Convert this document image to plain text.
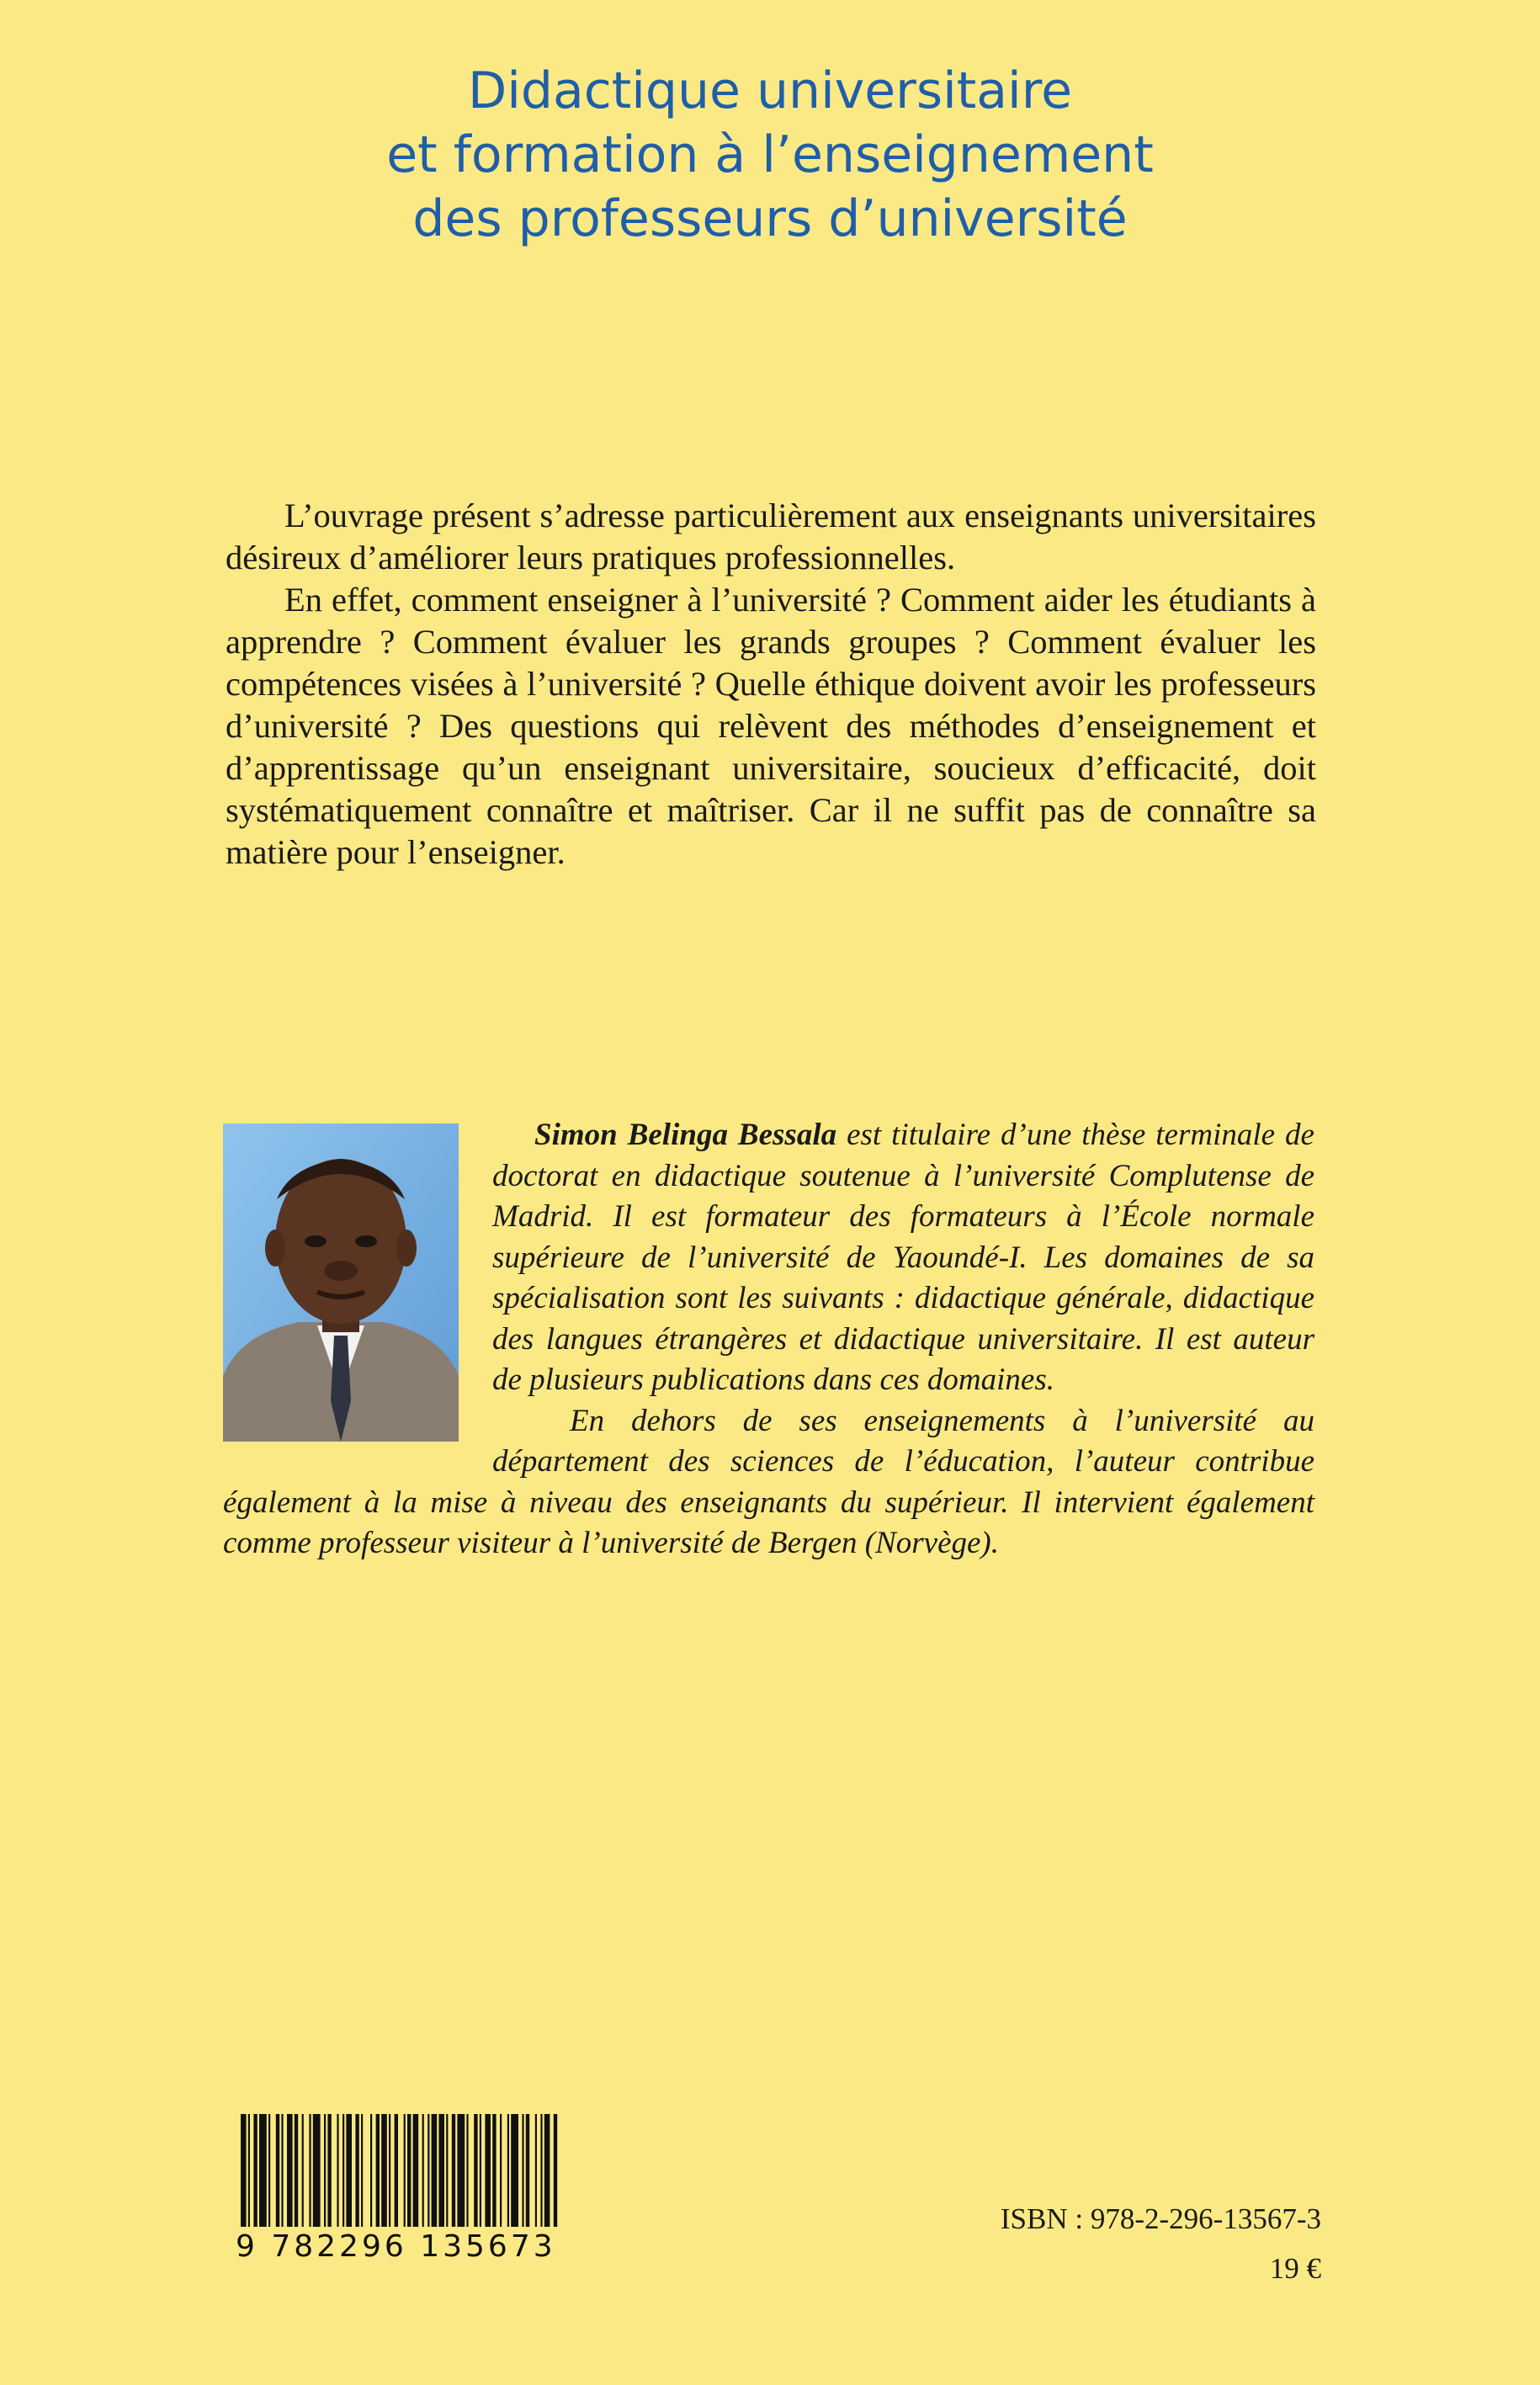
Didactique universitaire
et formation à l’enseignement
des professeurs d’université

L’ouvrage présent s’adresse particulièrement aux enseignants universitaires désireux d’améliorer leurs pratiques professionnelles.

En effet, comment enseigner à l’université ? Comment aider les étudiants à apprendre ? Comment évaluer les grands groupes ? Comment évaluer les compétences visées à l’université ? Quelle éthique doivent avoir les professeurs d’université ? Des questions qui relèvent des méthodes d’enseignement et d’apprentissage qu’un enseignant universitaire, soucieux d’efficacité, doit systématiquement connaître et maîtriser. Car il ne suffit pas de connaître sa matière pour l’enseigner.

Simon Belinga Bessala est titulaire d’une thèse terminale de doctorat en didactique soutenue à l’université Complutense de Madrid. Il est formateur des formateurs à l’École normale supérieure de l’université de Yaoundé-I. Les domaines de sa spécialisation sont les suivants : didactique générale, didactique des langues étrangères et didactique universitaire. Il est auteur de plusieurs publications dans ces domaines.

En dehors de ses enseignements à l’université au département des sciences de l’éducation, l’auteur contribue également à la mise à niveau des enseignants du supérieur. Il intervient également comme professeur visiteur à l’université de Bergen (Norvège).

9 782296 135673
ISBN : 978-2-296-13567-3
19 €
